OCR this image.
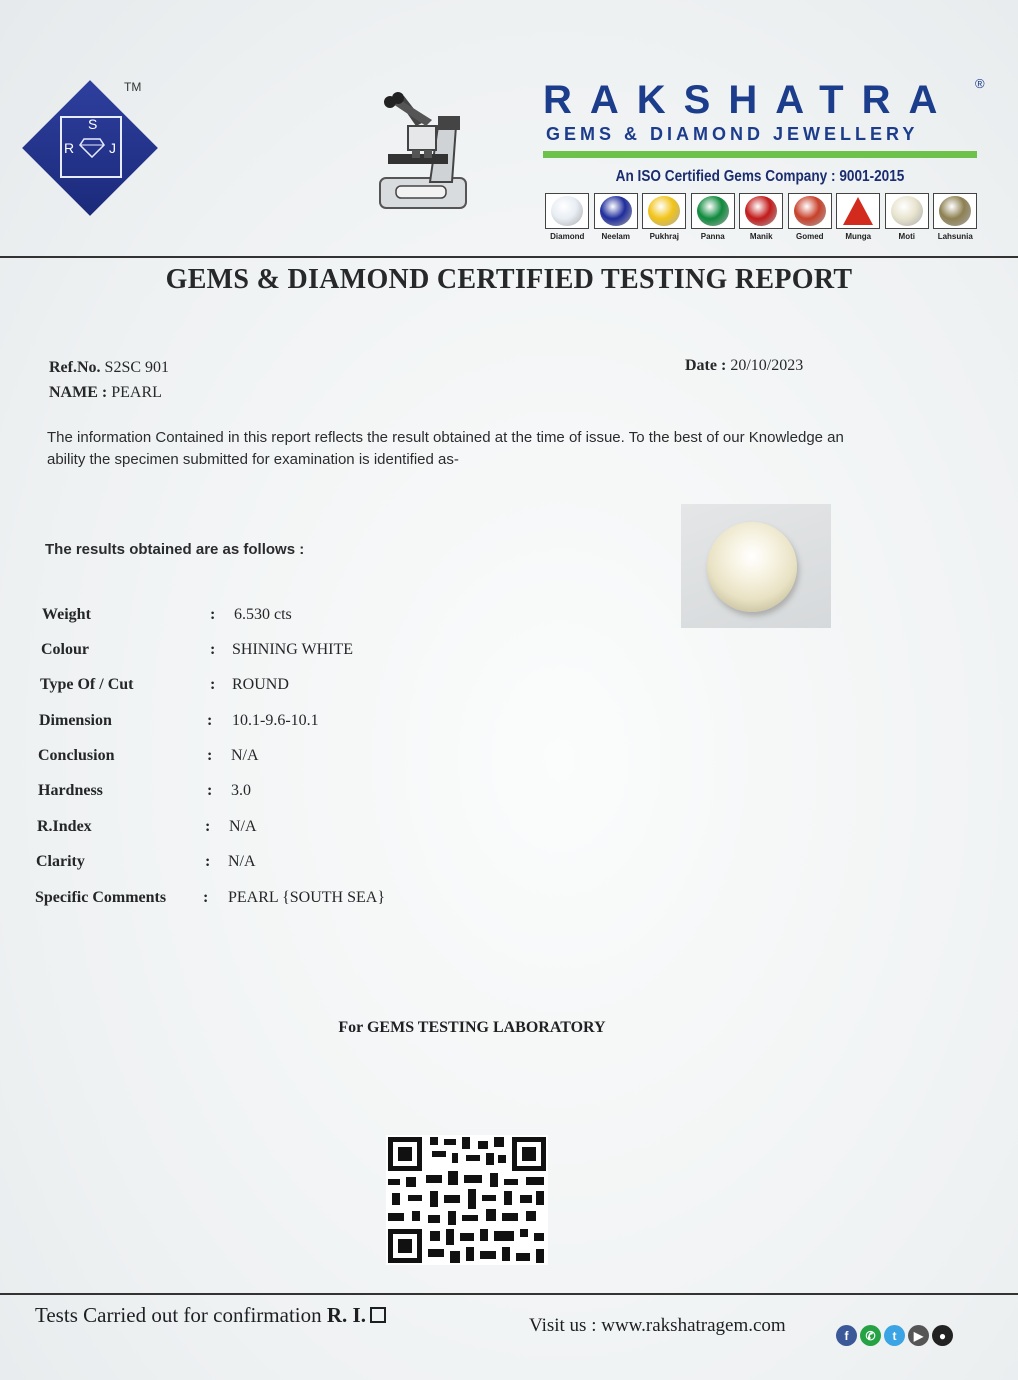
S
R J
TM	RAKSHATRA	®
GEMS & DIAMOND JEWELLERY
An ISO Certified Gems Company : 9001-2015
Diamond	Neelam	Pukhraj	Panna	Manik	Gomed	Munga	Moti	Lahsunia
GEMS & DIAMOND CERTIFIED TESTING REPORT
Ref.No. S2SC 901
NAME : PEARL
Date : 20/10/2023
The information Contained in this report reflects the result obtained at the time of issue. To the best of our Knowledge an ability the specimen submitted for examination is identified as-
The results obtained are as follows :
Weight	: 6.530 cts
Colour	: SHINING WHITE
Type Of / Cut	: ROUND
Dimension	: 10.1-9.6-10.1
Conclusion	: N/A
Hardness	: 3.0
R.Index	: N/A
Clarity	: N/A
Specific Comments : PEARL {SOUTH SEA}
For GEMS TESTING LABORATORY
Tests Carried out for confirmation R. I.	Visit us : www.rakshatragem.com	f	✆	t	▶	●
